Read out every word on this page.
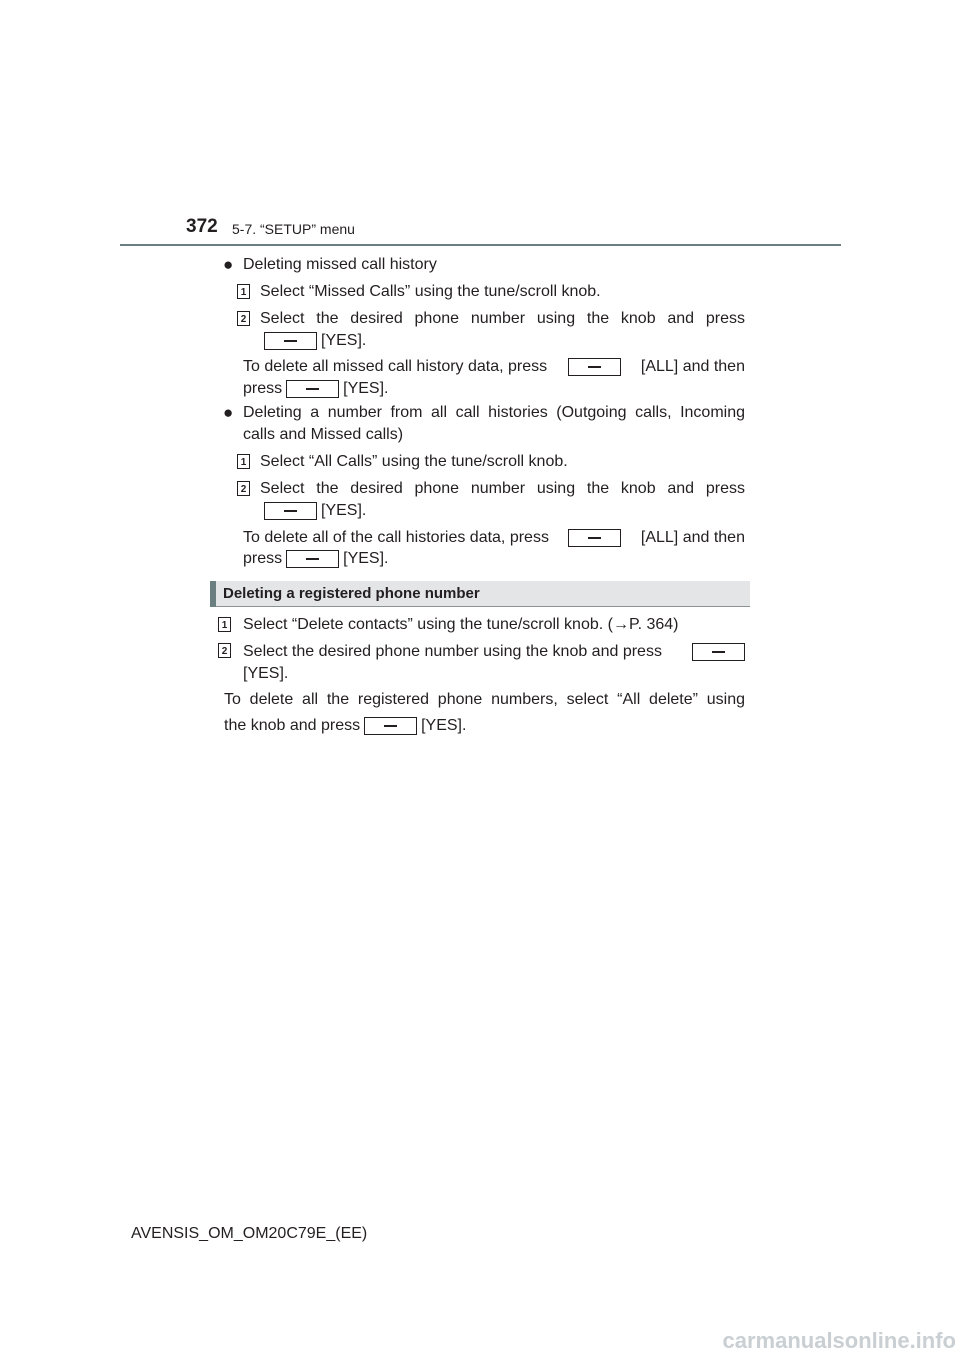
372 5-7. “SETUP” menu
● Deleting missed call history
1 Select “Missed Calls” using the tune/scroll knob.
2 Select the desired phone number using the knob and press
[YES].
To delete all missed call history data, press	[ALL] and then
press	[YES].
● Deleting a number from all call histories (Outgoing calls, Incoming
calls and Missed calls)
1 Select “All Calls” using the tune/scroll knob.
2 Select the desired phone number using the knob and press
[YES].
To delete all of the call histories data, press	[ALL] and then
press	[YES].
Deleting a registered phone number
1 Select “Delete contacts” using the tune/scroll knob. (→P. 364)
2 Select the desired phone number using the knob and press
[YES].
To delete all the registered phone numbers, select “All delete” using
the knob and press	[YES].
AVENSIS_OM_OM20C79E_(EE)
carmanualsonline.info
